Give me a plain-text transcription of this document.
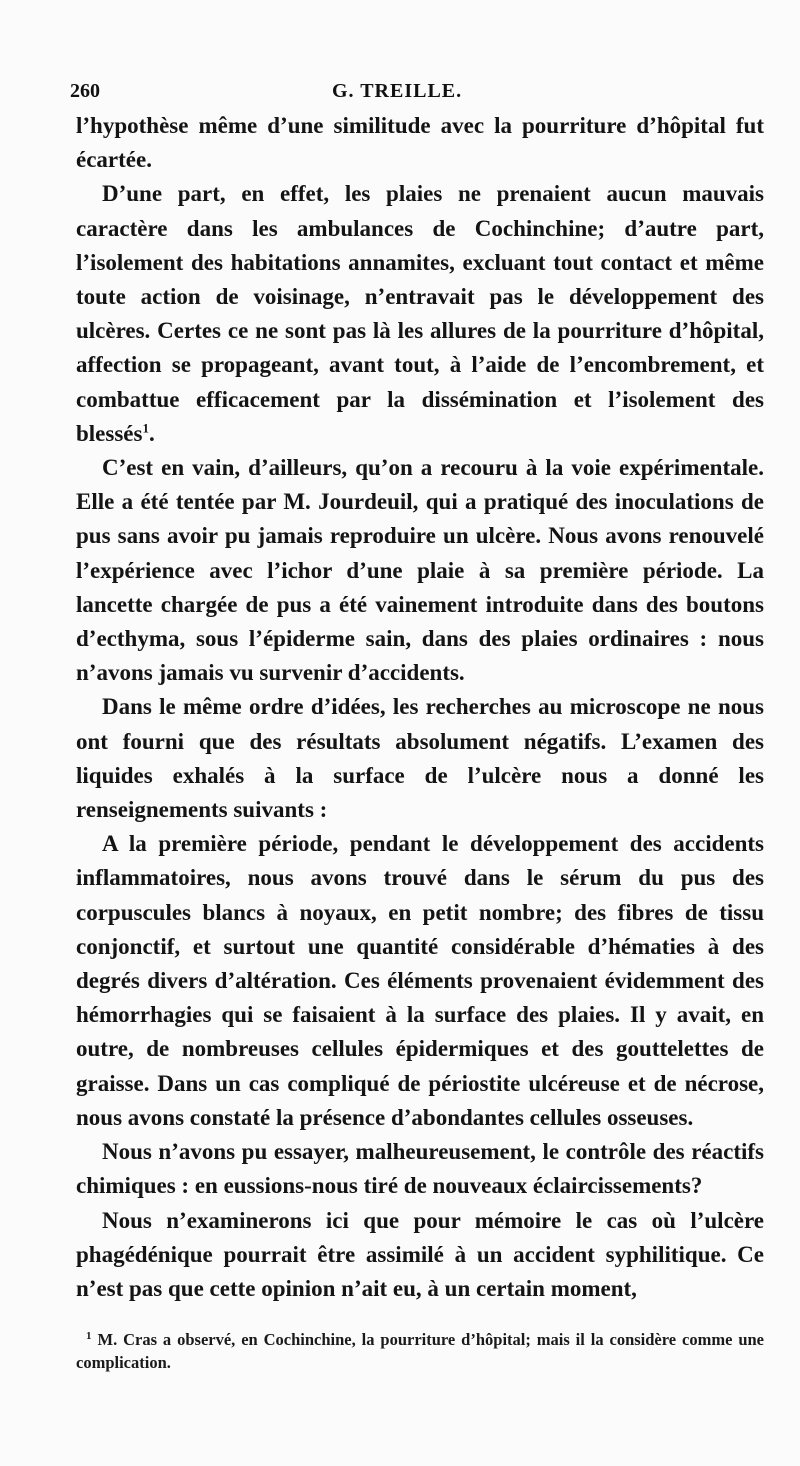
260	G. TREILLE.

l’hypothèse même d’une similitude avec la pourriture d’hôpital fut écartée.

D’une part, en effet, les plaies ne prenaient aucun mauvais caractère dans les ambulances de Cochinchine; d’autre part, l’isolement des habitations annamites, excluant tout contact et même toute action de voisinage, n’entravait pas le développement des ulcères. Certes ce ne sont pas là les allures de la pourriture d’hôpital, affection se propageant, avant tout, à l’aide de l’encombrement, et combattue efficacement par la dissémination et l’isolement des blessés$^1$.

C’est en vain, d’ailleurs, qu’on a recouru à la voie expérimentale. Elle a été tentée par M. Jourdeuil, qui a pratiqué des inoculations de pus sans avoir pu jamais reproduire un ulcère. Nous avons renouvelé l’expérience avec l’ichor d’une plaie à sa première période. La lancette chargée de pus a été vainement introduite dans des boutons d’ecthyma, sous l’épiderme sain, dans des plaies ordinaires : nous n’avons jamais vu survenir d’accidents.

Dans le même ordre d’idées, les recherches au microscope ne nous ont fourni que des résultats absolument négatifs. L’examen des liquides exhalés à la surface de l’ulcère nous a donné les renseignements suivants :

A la première période, pendant le développement des accidents inflammatoires, nous avons trouvé dans le sérum du pus des corpuscules blancs à noyaux, en petit nombre; des fibres de tissu conjonctif, et surtout une quantité considérable d’hématies à des degrés divers d’altération. Ces éléments provenaient évidemment des hémorrhagies qui se faisaient à la surface des plaies. Il y avait, en outre, de nombreuses cellules épidermiques et des gouttelettes de graisse. Dans un cas compliqué de périostite ulcéreuse et de nécrose, nous avons constaté la présence d’abondantes cellules osseuses.

Nous n’avons pu essayer, malheureusement, le contrôle des réactifs chimiques : en eussions-nous tiré de nouveaux éclaircissements?

Nous n’examinerons ici que pour mémoire le cas où l’ulcère phagédénique pourrait être assimilé à un accident syphilitique. Ce n’est pas que cette opinion n’ait eu, à un certain moment,

$^1$ M. Cras a observé, en Cochinchine, la pourriture d’hôpital; mais il la considère comme une complication.
